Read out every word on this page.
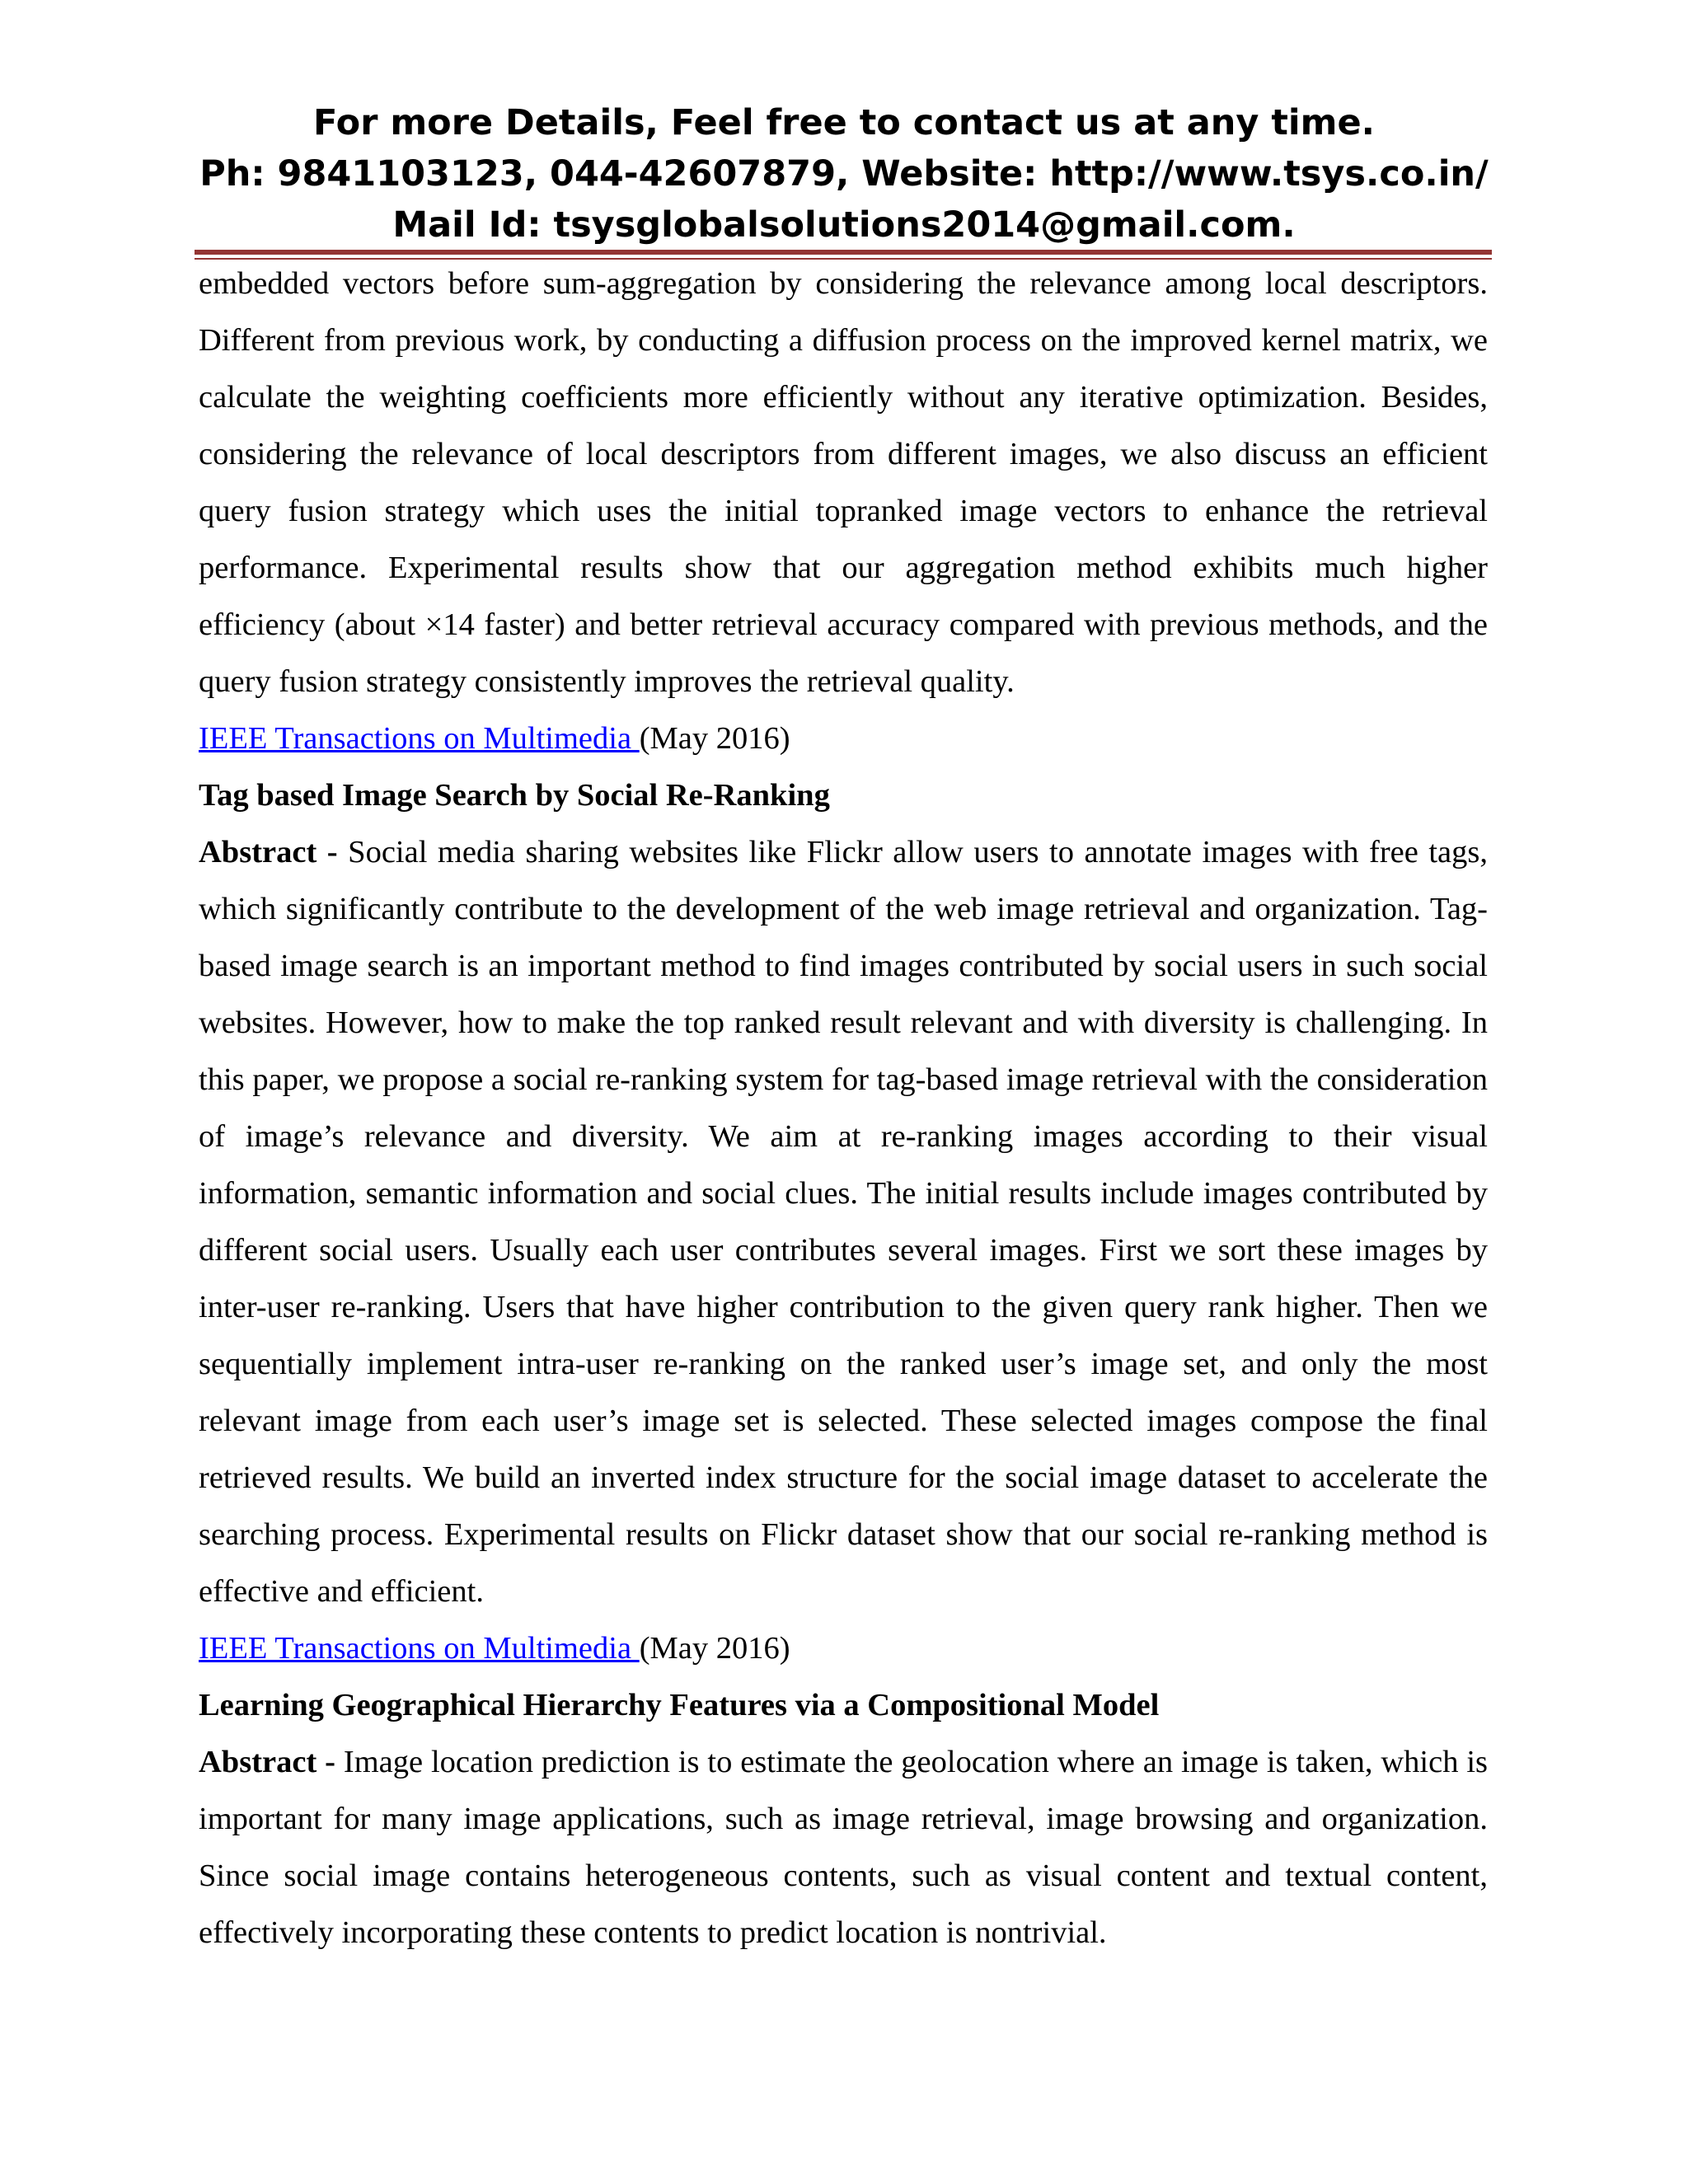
For more Details, Feel free to contact us at any time.
Ph: 9841103123, 044-42607879, Website: http://www.tsys.co.in/
Mail Id: tsysglobalsolutions2014@gmail.com.

embedded vectors before sum-aggregation by considering the relevance among local descriptors. Different from previous work, by conducting a diffusion process on the improved kernel matrix, we calculate the weighting coefficients more efficiently without any iterative optimization. Besides, considering the relevance of local descriptors from different images, we also discuss an efficient query fusion strategy which uses the initial topranked image vectors to enhance the retrieval performance. Experimental results show that our aggregation method exhibits much higher efficiency (about ×14 faster) and better retrieval accuracy compared with previous methods, and the query fusion strategy consistently improves the retrieval quality.

IEEE Transactions on Multimedia (May 2016)

Tag based Image Search by Social Re-Ranking

Abstract - Social media sharing websites like Flickr allow users to annotate images with free tags, which significantly contribute to the development of the web image retrieval and organization. Tag-based image search is an important method to find images contributed by social users in such social websites. However, how to make the top ranked result relevant and with diversity is challenging. In this paper, we propose a social re-ranking system for tag-based image retrieval with the consideration of image’s relevance and diversity. We aim at re-ranking images according to their visual information, semantic information and social clues. The initial results include images contributed by different social users. Usually each user contributes several images. First we sort these images by inter-user re-ranking. Users that have higher contribution to the given query rank higher. Then we sequentially implement intra-user re-ranking on the ranked user’s image set, and only the most relevant image from each user’s image set is selected. These selected images compose the final retrieved results. We build an inverted index structure for the social image dataset to accelerate the searching process. Experimental results on Flickr dataset show that our social re-ranking method is effective and efficient.

IEEE Transactions on Multimedia (May 2016)

Learning Geographical Hierarchy Features via a Compositional Model

Abstract - Image location prediction is to estimate the geolocation where an image is taken, which is important for many image applications, such as image retrieval, image browsing and organization. Since social image contains heterogeneous contents, such as visual content and textual content, effectively incorporating these contents to predict location is nontrivial.
